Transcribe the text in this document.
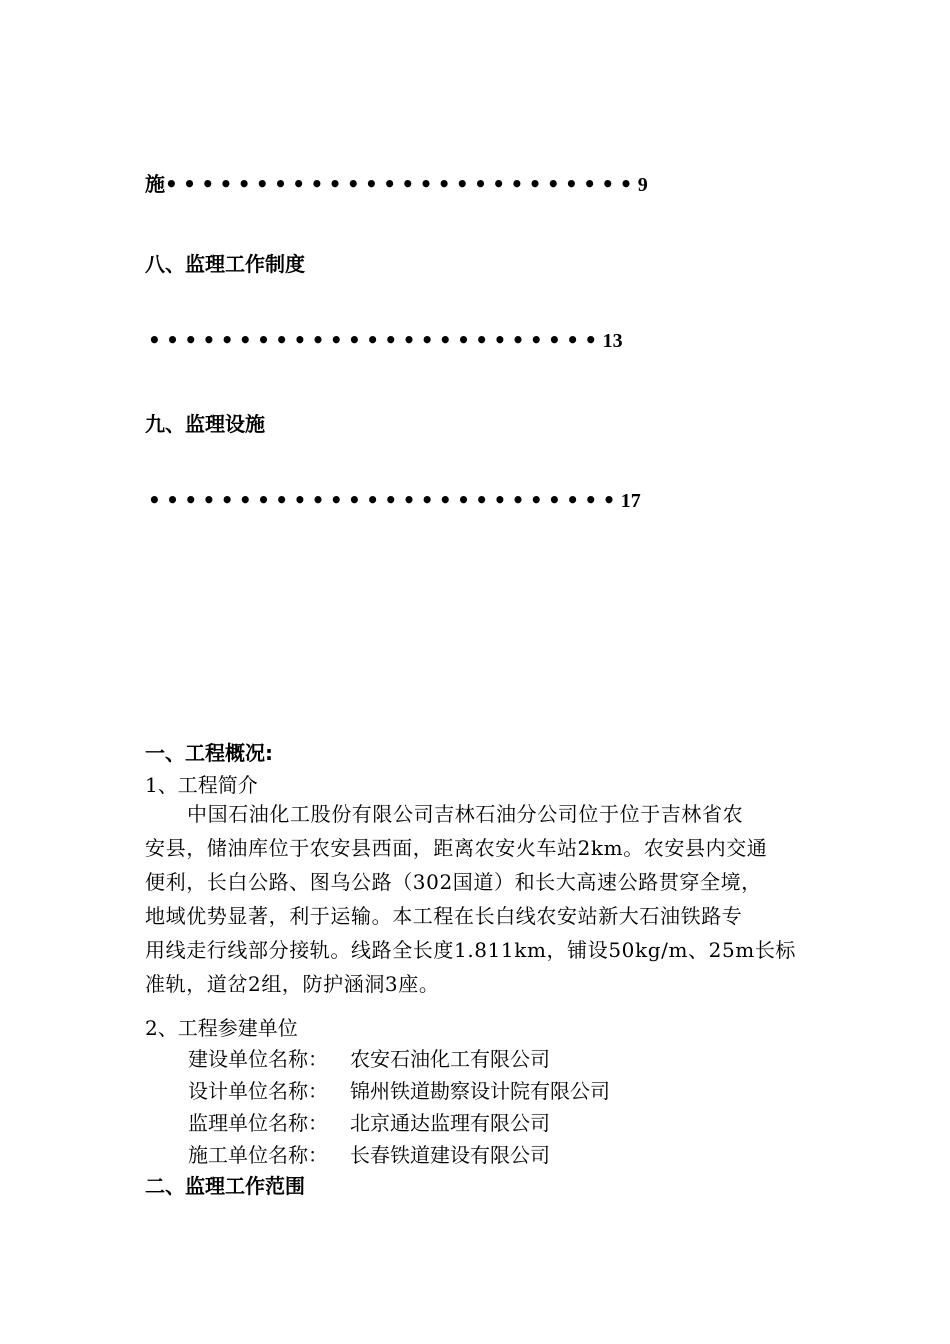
施••••••••••••••••••••••••••9
八、监理工作制度
•••••••••••••••••••••••••13
九、监理设施
••••••••••••••••••••••••••17
一、工程概况:
1、工程简介
中国石油化工股份有限公司吉林石油分公司位于位于吉林省农
安县，储油库位于农安县西面，距离农安火车站2km。农安县内交通
便利，长白公路、图乌公路（302国道）和长大高速公路贯穿全境，
地域优势显著，利于运输。本工程在长白线农安站新大石油铁路专
用线走行线部分接轨。线路全长度1.811km，铺设50kg/m、25m长标
准轨，道岔2组，防护涵洞3座。
2、工程参建单位
建设单位名称： 农安石油化工有限公司
设计单位名称： 锦州铁道勘察设计院有限公司
监理单位名称： 北京通达监理有限公司
施工单位名称： 长春铁道建设有限公司
二、监理工作范围
